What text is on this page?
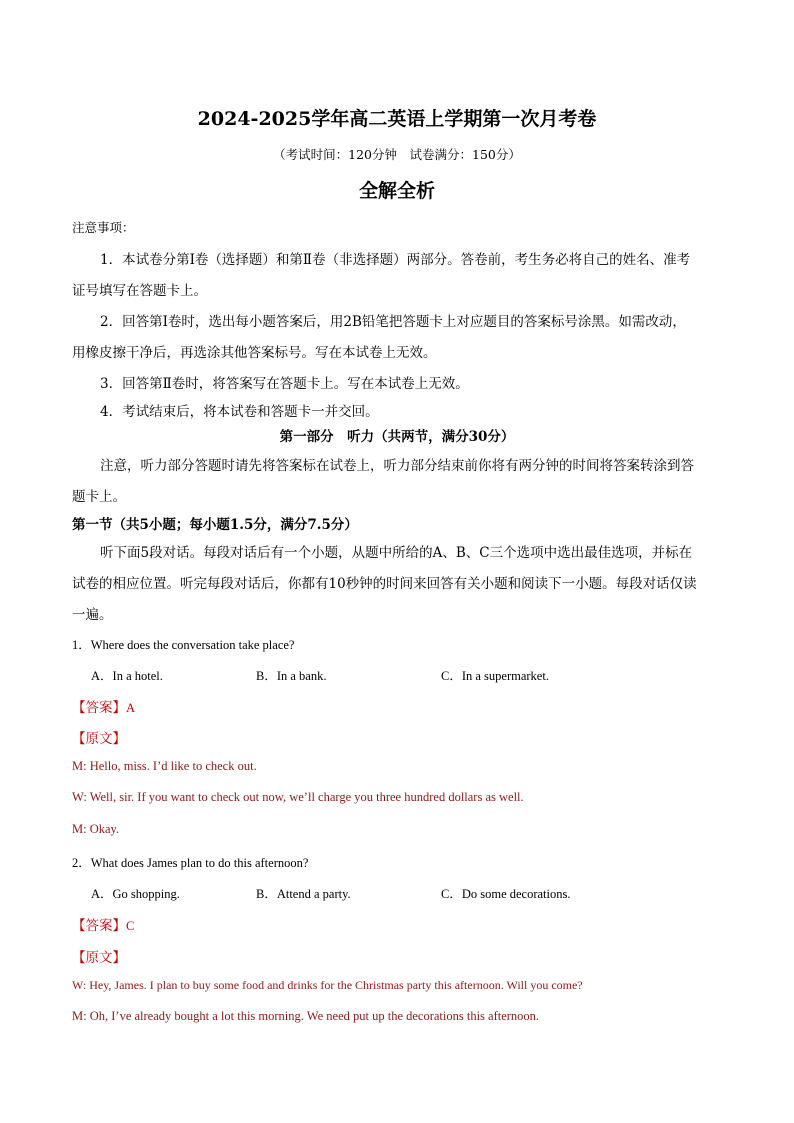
2024-2025学年高二英语上学期第一次月考卷
（考试时间：120分钟　试卷满分：150分）
全解全析
注意事项：
1．本试卷分第Ⅰ卷（选择题）和第Ⅱ卷（非选择题）两部分。答卷前，考生务必将自己的姓名、准考
证号填写在答题卡上。
2．回答第Ⅰ卷时，选出每小题答案后，用2B铅笔把答题卡上对应题目的答案标号涂黑。如需改动，
用橡皮擦干净后，再选涂其他答案标号。写在本试卷上无效。
3．回答第Ⅱ卷时，将答案写在答题卡上。写在本试卷上无效。
4．考试结束后，将本试卷和答题卡一并交回。
第一部分　听力（共两节，满分30分）
注意，听力部分答题时请先将答案标在试卷上，听力部分结束前你将有两分钟的时间将答案转涂到答
题卡上。
第一节（共5小题；每小题1.5分，满分7.5分）
听下面5段对话。每段对话后有一个小题，从题中所给的A、B、C三个选项中选出最佳选项，并标在
试卷的相应位置。听完每段对话后，你都有10秒钟的时间来回答有关小题和阅读下一小题。每段对话仅读
一遍。
1．Where does the conversation take place?
A．In a hotel.	B．In a bank.	C．In a supermarket.
【答案】A
【原文】
M: Hello, miss. I’d like to check out.
W: Well, sir. If you want to check out now, we’ll charge you three hundred dollars as well.
M: Okay.
2．What does James plan to do this afternoon?
A．Go shopping.	B．Attend a party.	C．Do some decorations.
【答案】C
【原文】
W: Hey, James. I plan to buy some food and drinks for the Christmas party this afternoon. Will you come?
M: Oh, I’ve already bought a lot this morning. We need put up the decorations this afternoon.
